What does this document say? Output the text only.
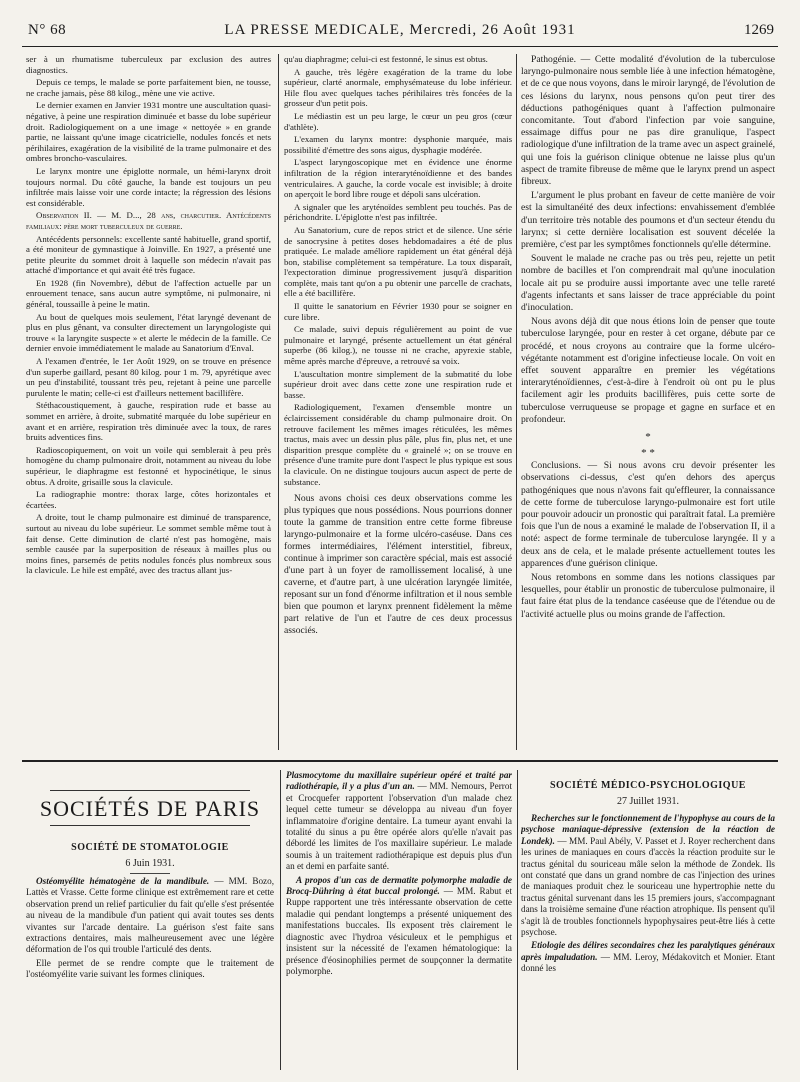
N° 68	LA PRESSE MEDICALE, Mercredi, 26 Août 1931	1269

ser à un rhumatisme tuberculeux par exclusion des autres diagnostics.

Depuis ce temps, le malade se porte parfaitement bien, ne tousse, ne crache jamais, pèse 88 kilog., mène une vie active.

Le dernier examen en Janvier 1931 montre une auscultation quasi-négative, à peine une respiration diminuée et basse du lobe supérieur droit. Radiologiquement on a une image « nettoyée » en grande partie, ne laissant qu'une image cicatricielle, nodules foncés et nets périhilaires, exagération de la visibilité de la trame pulmonaire et des ombres broncho-vasculaires.

Le larynx montre une épiglotte normale, un hémi-larynx droit toujours normal. Du côté gauche, la bande est toujours un peu infiltrée mais laisse voir une corde intacte; la régression des lésions est considérable.

Observation II. — M. D..., 28 ans, charcutier. Antécédents familiaux: père mort tuberculeux de guerre.

Antécédents personnels: excellente santé habituelle, grand sportif, a été moniteur de gymnastique à Joinville. En 1927, a présenté une petite pleurite du sommet droit à laquelle son médecin n'avait pas attaché d'importance et qui avait été très fugace.

En 1928 (fin Novembre), début de l'affection actuelle par un enrouement tenace, sans aucun autre symptôme, ni pulmonaire, ni général, toussaille à peine le matin.

Au bout de quelques mois seulement, l'état laryngé devenant de plus en plus gênant, va consulter directement un laryngologiste qui trouve « la laryngite suspecte » et alerte le médecin de la famille. Ce dernier envoie immédiatement le malade au Sanatorium d'Enval.

A l'examen d'entrée, le 1er Août 1929, on se trouve en présence d'un superbe gaillard, pesant 80 kilog. pour 1 m. 79, apyrétique avec un peu d'instabilité, toussant très peu, rejetant à peine une parcelle purulente le matin; celle-ci est d'ailleurs nettement bacillifère.

Stéthacoustiquement, à gauche, respiration rude et basse au sommet en arrière, à droite, submatité marquée du lobe supérieur en avant et en arrière, respiration très diminuée avec la toux, de rares bruits adventices fins.

Radioscopiquement, on voit un voile qui semblerait à peu près homogène du champ pulmonaire droit, notamment au niveau du lobe supérieur, le diaphragme est festonné et hypocinétique, le sinus obtus. A droite, grisaille sous la clavicule.

La radiographie montre: thorax large, côtes horizontales et écartées.

A droite, tout le champ pulmonaire est diminué de transparence, surtout au niveau du lobe supérieur. Le sommet semble même tout à fait dense. Cette diminution de clarté n'est pas homogène, mais semble causée par la superposition de réseaux à mailles plus ou moins fines, parsemés de petits nodules foncés plus nombreux sous la clavicule. Le hile est empâté, avec des tractus allant jus-

qu'au diaphragme; celui-ci est festonné, le sinus est obtus.

A gauche, très légère exagération de la trame du lobe supérieur, clarté anormale, emphysémateuse du lobe inférieur. Hile flou avec quelques taches périhilaires très foncées de la grosseur d'un petit pois.

Le médiastin est un peu large, le cœur un peu gros (cœur d'athlète).

L'examen du larynx montre: dysphonie marquée, mais possibilité d'émettre des sons aigus, dysphagie modérée.

L'aspect laryngoscopique met en évidence une énorme infiltration de la région interaryténoïdienne et des bandes ventriculaires. A gauche, la corde vocale est invisible; à droite on aperçoit le bord libre rouge et dépoli sans ulcération.

A signaler que les aryténoïdes semblent peu touchés. Pas de périchondrite. L'épiglotte n'est pas infiltrée.

Au Sanatorium, cure de repos strict et de silence. Une série de sanocrysine à petites doses hebdomadaires a été de plus pratiquée. Le malade améliore rapidement un état général déjà bon, stabilise complètement sa température. La toux disparaît, l'expectoration diminue progressivement jusqu'à disparition complète, mais tant qu'on a pu obtenir une parcelle de crachats, elle a été bacillifère.

Il quitte le sanatorium en Février 1930 pour se soigner en cure libre.

Ce malade, suivi depuis régulièrement au point de vue pulmonaire et laryngé, présente actuellement un état général superbe (86 kilog.), ne tousse ni ne crache, apyrexie stable, même après marche d'épreuve, a retrouvé sa voix.

L'auscultation montre simplement de la submatité du lobe supérieur droit avec dans cette zone une respiration rude et basse.

Radiologiquement, l'examen d'ensemble montre un éclaircissement considérable du champ pulmonaire droit. On retrouve facilement les mêmes images réticulées, les mêmes tractus, mais avec un dessin plus pâle, plus fin, plus net, et une disparition presque complète du « grainelé »; on se trouve en présence d'une tramite pure dont l'aspect le plus typique est sous la clavicule. On ne distingue toujours aucun aspect de perte de substance.

Nous avons choisi ces deux observations comme les plus typiques que nous possédions. Nous pourrions donner toute la gamme de transition entre cette forme fibreuse laryngo-pulmonaire et la forme ulcéro-caséuse. Dans ces formes intermédiaires, l'élément interstitiel, fibreux, continue à imprimer son caractère spécial, mais est associé d'une part à un foyer de ramollissement localisé, à une caverne, et d'autre part, à une ulcération laryngée limitée, reposant sur un fond d'énorme infiltration et il nous semble bien que poumon et larynx prennent fidèlement la même part relative de l'un et l'autre de ces deux processus associés.

Pathogénie. — Cette modalité d'évolution de la tuberculose laryngo-pulmonaire nous semble liée à une infection hématogène, et de ce que nous voyons, dans le miroir laryngé, de l'évolution de ces lésions du larynx, nous pensons qu'on peut tirer des déductions pathogéniques quant à l'affection pulmonaire concomitante. Tout d'abord l'infection par voie sanguine, essaimage diffus pour ne pas dire granulique, l'aspect radiologique d'une infiltration de la trame avec un aspect grainelé, qui une fois la guérison clinique obtenue ne laisse plus qu'un aspect de tramite fibreuse de même que le larynx prend un aspect fibreux.

L'argument le plus probant en faveur de cette manière de voir est la simultanéité des deux infections: envahissement d'emblée d'un territoire très notable des poumons et d'un secteur étendu du larynx; si cette dernière localisation est souvent décelée la première, c'est par les symptômes fonctionnels qu'elle détermine.

Souvent le malade ne crache pas ou très peu, rejette un petit nombre de bacilles et l'on comprendrait mal qu'une inoculation locale ait pu se produire aussi importante avec une telle rareté d'agents infectants et sans laisser de trace appréciable du point d'inoculation.

Nous avons déjà dit que nous étions loin de penser que toute tuberculose laryngée, pour en rester à cet organe, débute par ce procédé, et nous croyons au contraire que la forme ulcéro-végétante notamment est d'origine infectieuse locale. On voit en effet souvent apparaître en premier les végétations interaryténoïdiennes, c'est-à-dire à l'endroit où ont pu le plus facilement agir les produits bacillifères, puis cette sorte de tuberculose verruqueuse se propage et gagne en surface et en profondeur.

*

* *

Conclusions. — Si nous avons cru devoir présenter les observations ci-dessus, c'est qu'en dehors des aperçus pathogéniques que nous n'avons fait qu'effleurer, la connaissance de cette forme de tuberculose laryngo-pulmonaire est fort utile pour pouvoir adoucir un pronostic qui paraîtrait fatal. La première fois que l'un de nous a examiné le malade de l'observation II, il a noté: aspect de forme terminale de tuberculose laryngée. Il y a deux ans de cela, et le malade présente actuellement toutes les apparences d'une guérison clinique.

Nous retombons en somme dans les notions classiques par lesquelles, pour établir un pronostic de tuberculose pulmonaire, il faut faire état plus de la tendance caséeuse que de l'étendue ou de l'activité actuelle plus ou moins grande de l'affection.

SOCIÉTÉS DE PARIS
SOCIÉTÉ DE STOMATOLOGIE
6 Juin 1931.

Ostéomyélite hématogène de la mandibule. — MM. Bozo, Lattès et Vrasse. Cette forme clinique est extrêmement rare et cette observation prend un relief particulier du fait qu'elle s'est présentée au niveau de la mandibule d'un patient qui avait toutes ses dents vivantes sur l'arcade dentaire. La guérison s'est faite sans extractions dentaires, mais malheureusement avec une légère déformation de l'os qui trouble l'articulé des dents.

Elle permet de se rendre compte que le traitement de l'ostéomyélite varie suivant les formes cliniques.

Plasmocytome du maxillaire supérieur opéré et traité par radiothérapie, il y a plus d'un an. — MM. Nemours, Perrot et Crocquefer rapportent l'observation d'un malade chez lequel cette tumeur se développa au niveau d'un foyer inflammatoire d'origine dentaire. La tumeur ayant envahi la totalité du sinus a pu être opérée alors qu'elle n'avait pas débordé les limites de l'os maxillaire supérieur. Le malade soumis à un traitement radiothérapique est depuis plus d'un an et demi en parfaite santé.

A propos d'un cas de dermatite polymorphe maladie de Brocq-Dühring à état buccal prolongé. — MM. Rabut et Ruppe rapportent une très intéressante observation de cette maladie qui pendant longtemps a présenté uniquement des manifestations buccales. Ils exposent très clairement le diagnostic avec l'hydroa vésiculeux et le pemphigus et insistent sur la nécessité de l'examen hématologique: la présence d'éosinophilies permet de soupçonner la dermatite polymorphe.

SOCIÉTÉ MÉDICO-PSYCHOLOGIQUE
27 Juillet 1931.

Recherches sur le fonctionnement de l'hypophyse au cours de la psychose maniaque-dépressive (extension de la réaction de Londek). — MM. Paul Abély, V. Passet et J. Royer recherchent dans les urines de maniaques en cours d'accès la réaction produite sur le tractus génital du souriceau mâle selon la méthode de Zondek. Ils ont constaté que dans un grand nombre de cas l'injection des urines de maniaques produit chez le souriceau une hypertrophie nette du tractus génital survenant dans les 15 premiers jours, s'accompagnant dans la troisième semaine d'une réaction atrophique. Ils pensent qu'il s'agit là de troubles fonctionnels hypophysaires peut-être liés à cette psychose.

Etiologie des délires secondaires chez les paralytiques généraux après impaludation. — MM. Leroy, Médakovitch et Monier. Etant donné les
